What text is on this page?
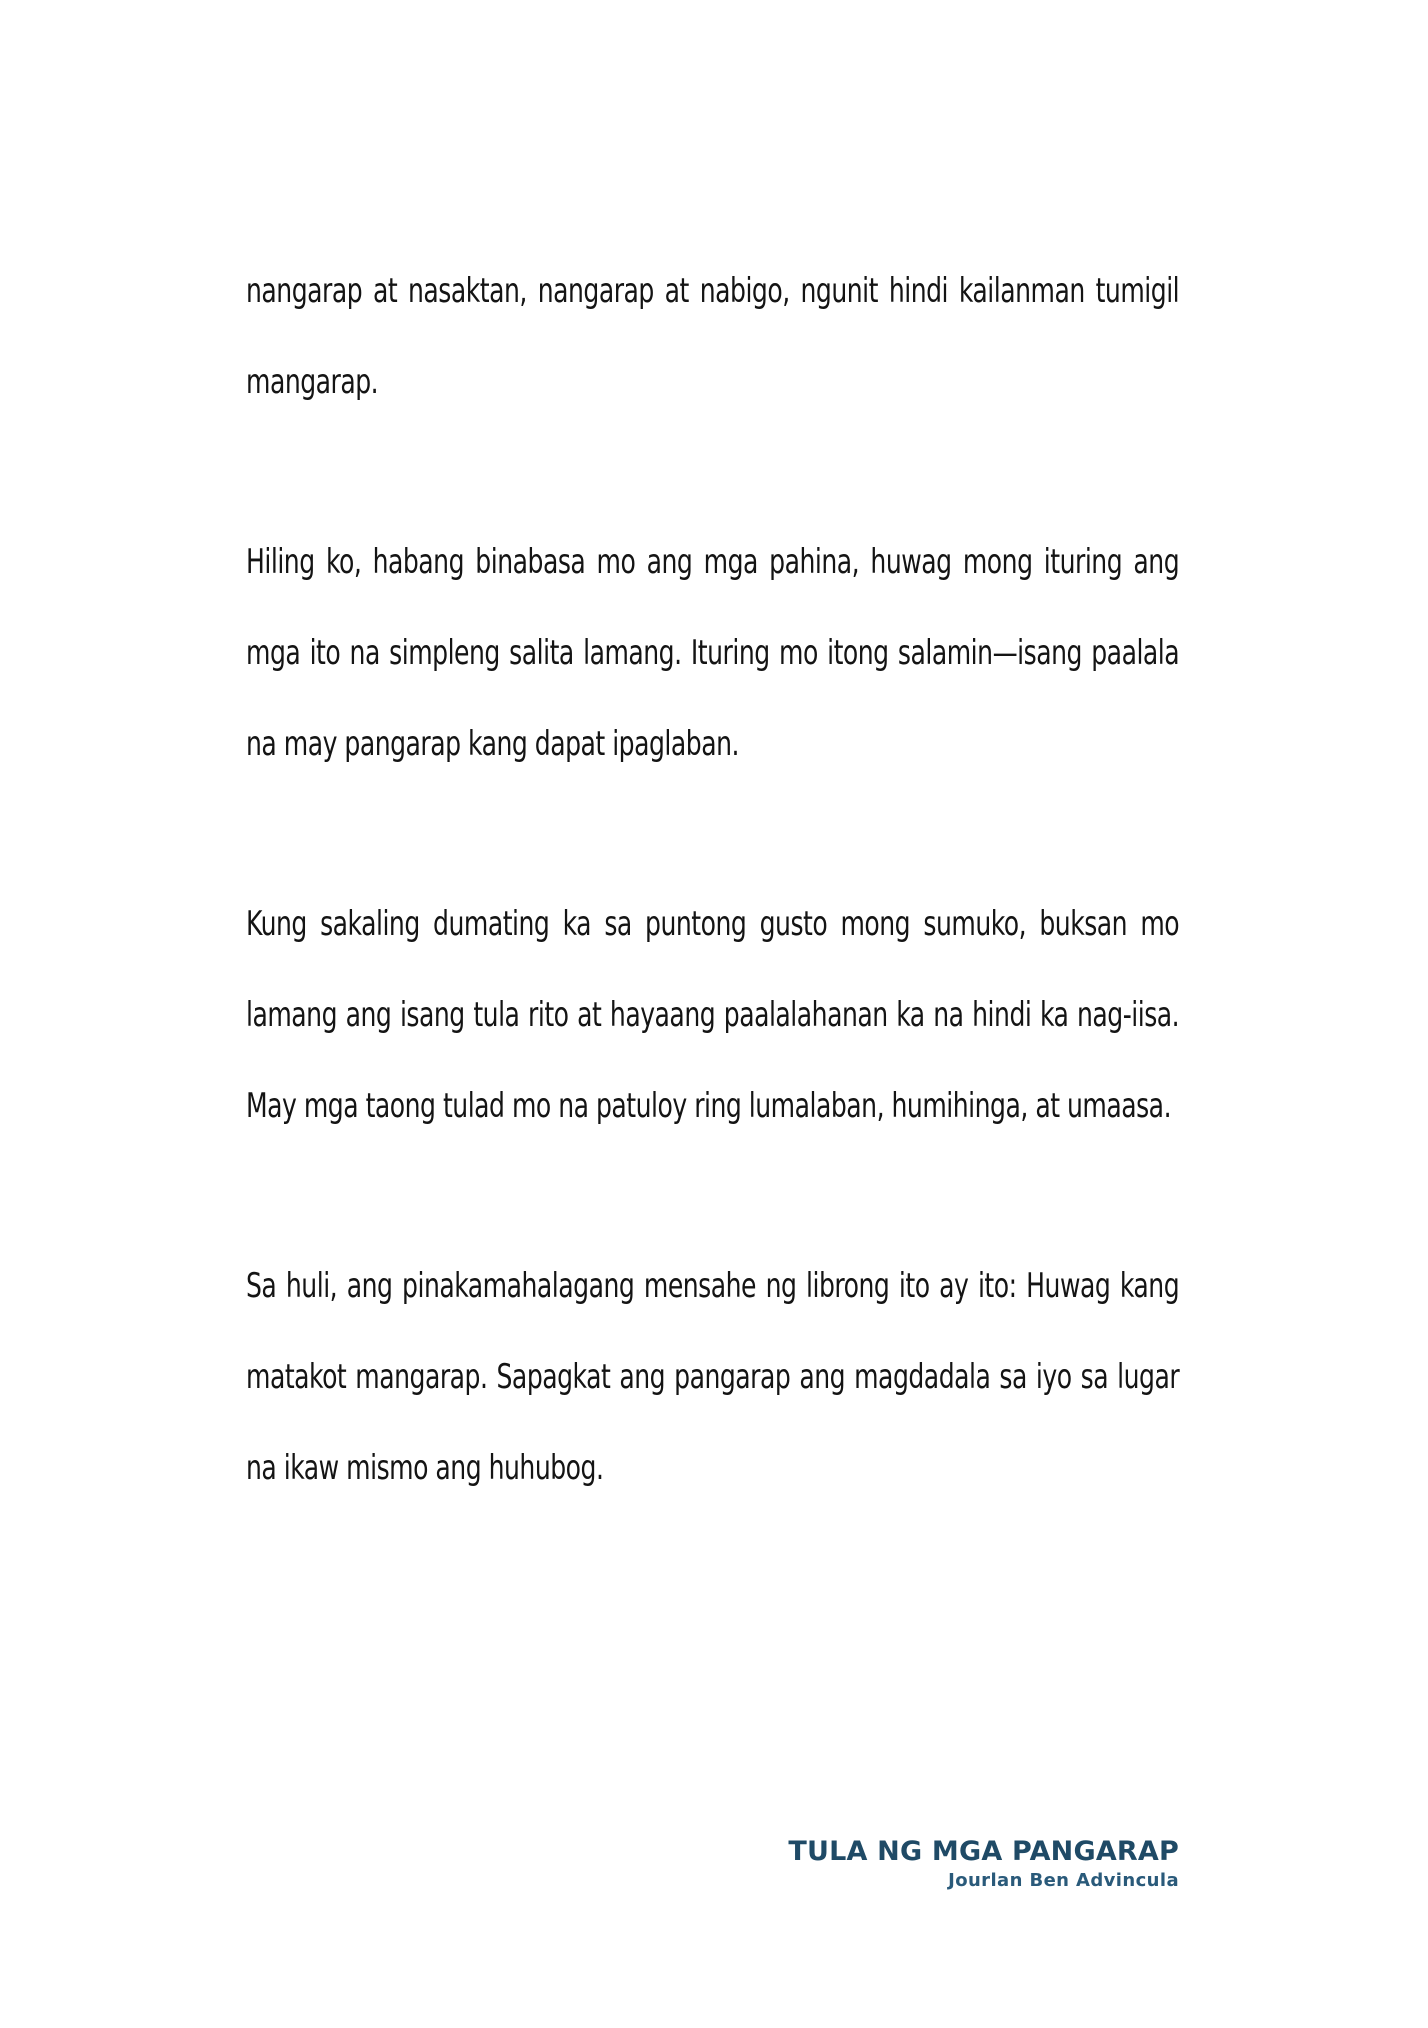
nangarap at nasaktan, nangarap at nabigo, ngunit hindi kailanman tumigil mangarap.

Hiling ko, habang binabasa mo ang mga pahina, huwag mong ituring ang mga ito na simpleng salita lamang. Ituring mo itong salamin—isang paalala na may pangarap kang dapat ipaglaban.

Kung sakaling dumating ka sa puntong gusto mong sumuko, buksan mo lamang ang isang tula rito at hayaang paalalahanan ka na hindi ka nag-iisa. May mga taong tulad mo na patuloy ring lumalaban, humihinga, at umaasa.

Sa huli, ang pinakamahalagang mensahe ng librong ito ay ito: Huwag kang matakot mangarap. Sapagkat ang pangarap ang magdadala sa iyo sa lugar na ikaw mismo ang huhubog.

TULA NG MGA PANGARAP
Jourlan Ben Advincula
